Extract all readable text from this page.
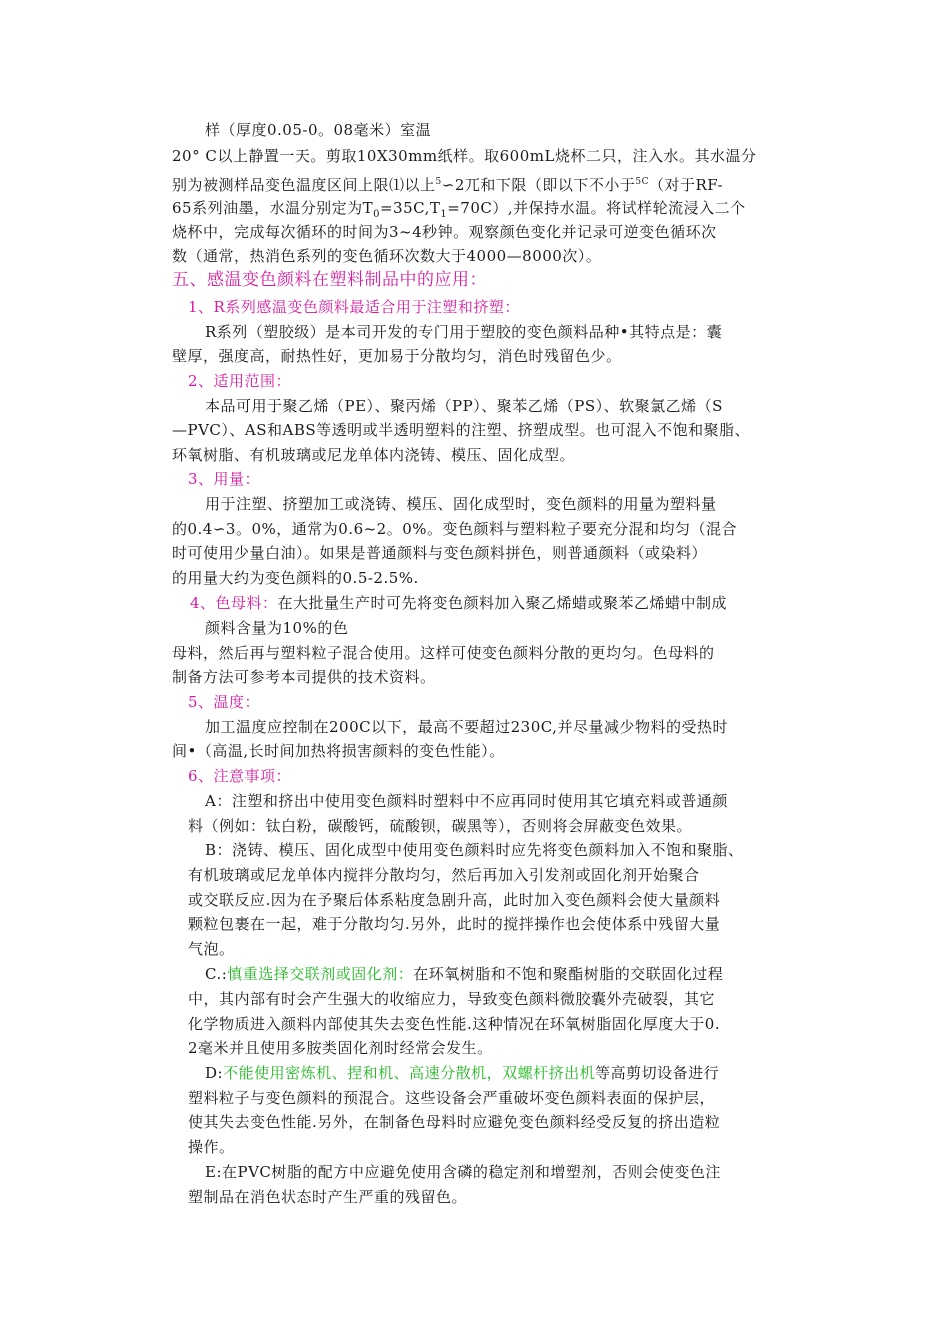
样（厚度0.05-0。08毫米）室温
20° C以上静置一天。剪取10X30mm纸样。取600mL烧杯二只，注入水。其水温分
别为被测样品变色温度区间上限⑴以上$^5$∽2兀和下限（即以下不小于$^{5C}$（对于RF-
65系列油墨，水温分别定为$T_0=35C,T_1=70C$）,并保持水温。将试样轮流浸入二个
烧杯中，完成每次循环的时间为3~4秒钟。观察颜色变化并记录可逆变色循环次
数（通常，热消色系列的变色循环次数大于4000—8000次）。
五、感温变色颜料在塑料制品中的应用：
1、R系列感温变色颜料最适合用于注塑和挤塑：
R系列（塑胶级）是本司开发的专门用于塑胶的变色颜料品种•其特点是：囊
壁厚，强度高，耐热性好，更加易于分散均匀，消色时残留色少。
2、适用范围：
本品可用于聚乙烯（PE）、聚丙烯（PP）、聚苯乙烯（PS）、软聚氯乙烯（S
—PVC）、AS和ABS等透明或半透明塑料的注塑、挤塑成型。也可混入不饱和聚脂、
环氧树脂、有机玻璃或尼龙单体内浇铸、模压、固化成型。
3、用量：
用于注塑、挤塑加工或浇铸、模压、固化成型时，变色颜料的用量为塑料量
的0.4∽3。0%，通常为0.6~2。0%。变色颜料与塑料粒子要充分混和均匀（混合
时可使用少量白油）。如果是普通颜料与变色颜料拼色，则普通颜料（或染料）
的用量大约为变色颜料的0.5-2.5%.
4、色母料：在大批量生产时可先将变色颜料加入聚乙烯蜡或聚苯乙烯蜡中制成
颜料含量为10%的色
母料，然后再与塑料粒子混合使用。这样可使变色颜料分散的更均匀。色母料的
制备方法可参考本司提供的技术资料。
5、温度：
加工温度应控制在200C以下，最高不要超过230C,并尽量减少物料的受热时
间•（高温,长时间加热将损害颜料的变色性能）。
6、注意事项：
A：注塑和挤出中使用变色颜料时塑料中不应再同时使用其它填充料或普通颜
料（例如：钛白粉，碳酸钙，硫酸钡，碳黑等），否则将会屏蔽变色效果。
B：浇铸、模压、固化成型中使用变色颜料时应先将变色颜料加入不饱和聚脂、
有机玻璃或尼龙单体内搅拌分散均匀，然后再加入引发剂或固化剂开始聚合
或交联反应.因为在予聚后体系粘度急剧升高，此时加入变色颜料会使大量颜料
颗粒包裹在一起，难于分散均匀.另外，此时的搅拌操作也会使体系中残留大量
气泡。
C.:慎重选择交联剂或固化剂：在环氧树脂和不饱和聚酯树脂的交联固化过程
中，其内部有时会产生强大的收缩应力，导致变色颜料微胶囊外壳破裂，其它
化学物质进入颜料内部使其失去变色性能.这种情况在环氧树脂固化厚度大于0.
2毫米并且使用多胺类固化剂时经常会发生。
D:不能使用密炼机、捏和机、高速分散机，双螺杆挤出机等高剪切设备进行
塑料粒子与变色颜料的预混合。这些设备会严重破坏变色颜料表面的保护层，
使其失去变色性能.另外，在制备色母料时应避免变色颜料经受反复的挤出造粒
操作。
E:在PVC树脂的配方中应避免使用含磷的稳定剂和增塑剂，否则会使变色注
塑制品在消色状态时产生严重的残留色。
